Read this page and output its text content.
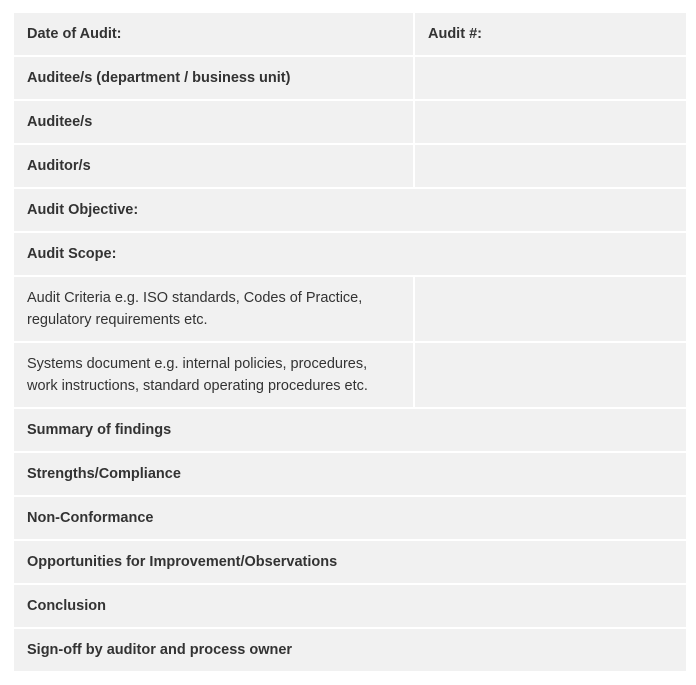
Date of Audit:	Audit #:
Auditee/s (department / business unit)	
Auditee/s	
Auditor/s	
Audit Objective:	
Audit Scope:	

Audit Criteria e.g. ISO standards, Codes of Practice,
regulatory requirements etc.	

Systems document e.g. internal policies, procedures,
work instructions, standard operating procedures etc.	

Summary of findings	
Strengths/Compliance	
Non-Conformance	
Opportunities for Improvement/Observations	
Conclusion	
Sign-off by auditor and process owner	
